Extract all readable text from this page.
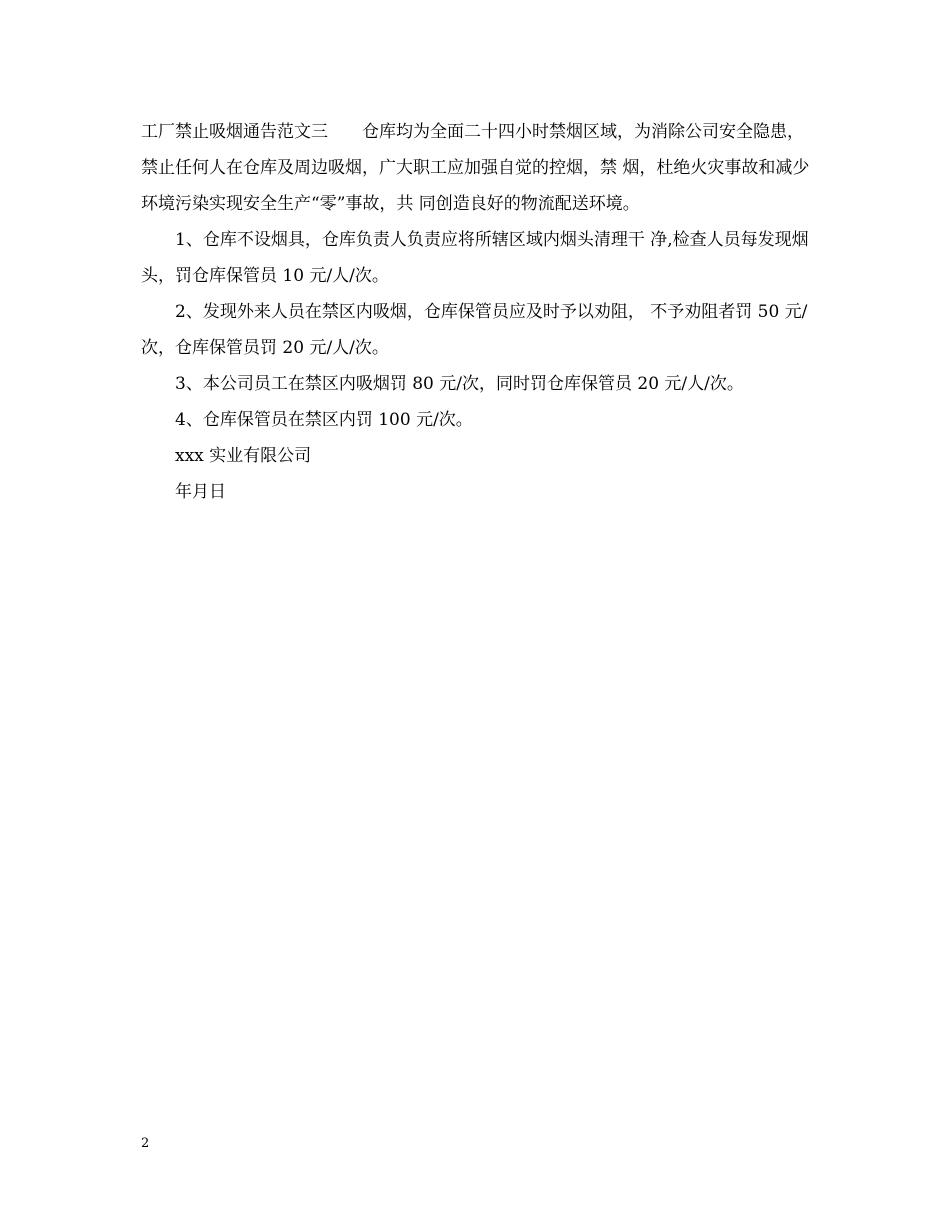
工厂禁止吸烟通告范文三　　仓库均为全面二十四小时禁烟区域，为消除公司安全隐患，禁止任何人在仓库及周边吸烟，广大职工应加强自觉的控烟，禁 烟，杜绝火灾事故和减少环境污染实现安全生产“零”事故，共 同创造良好的物流配送环境。

1、仓库不设烟具，仓库负责人负责应将所辖区域内烟头清理干 净,检查人员每发现烟头，罚仓库保管员 10 元/人/次。

2、发现外来人员在禁区内吸烟，仓库保管员应及时予以劝阻， 不予劝阻者罚 50 元/次，仓库保管员罚 20 元/人/次。

3、本公司员工在禁区内吸烟罚 80 元/次，同时罚仓库保管员 20 元/人/次。

4、仓库保管员在禁区内罚 100 元/次。

xxx 实业有限公司

年月日

2
